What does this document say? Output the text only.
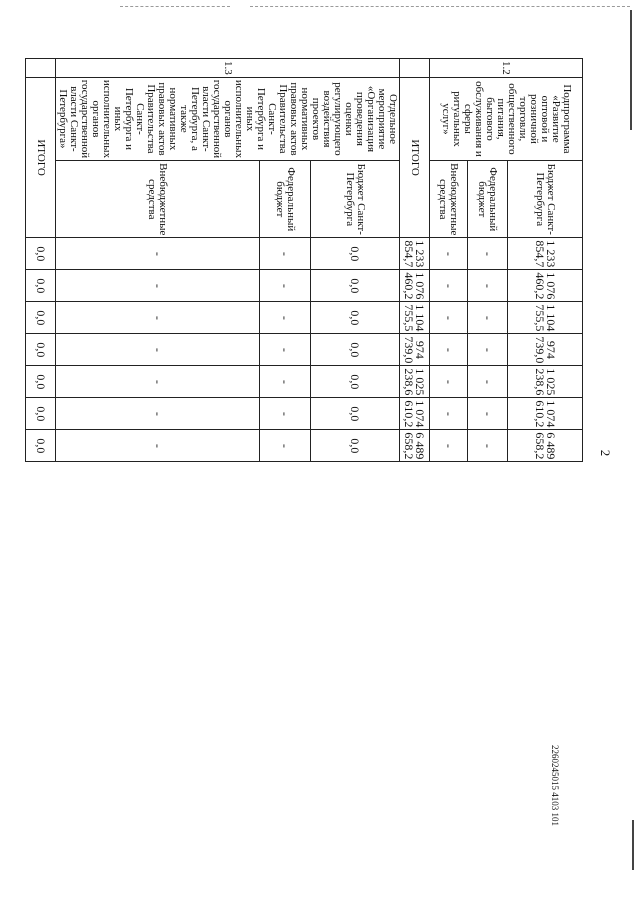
2
2260245015 4103 101
1.2	Подпрограмма «Развитие оптовой и розничной торговли, общественного питания, бытового обслуживания и сферы ритуальных услуг»	Бюджет Санкт-Петербурга	1 233 854,7	1 076 460,2	1 104 755,5	974 739,0	1 025 238,6	1 074 610,2	6 489 658,2
		Федеральный бюджет	-	-	-	-	-	-	-
		Внебюджетные средства	-	-	-	-	-	-	-
	ИТОГО		1 233 854,7	1 076 460,2	1 104 755,5	974 739,0	1 025 238,6	1 074 610,2	6 489 658,2
1.3	Отдельное мероприятие «Организация проведения оценки регулирующего воздействия проектов нормативных правовых актов Правительства Санкт-Петербурга и иных исполнительных органов государственной власти Санкт-Петербурга, а также нормативных правовых актов Правительства Санкт-Петербурга и иных исполнительных органов государственной власти Санкт-Петербурга»	Бюджет Санкт-Петербурга	0,0	0,0	0,0	0,0	0,0	0,0	0,0
		Федеральный бюджет	-	-	-	-	-	-	-
		Внебюджетные средства	-	-	-	-	-	-	-
	ИТОГО		0,0	0,0	0,0	0,0	0,0	0,0	0,0
